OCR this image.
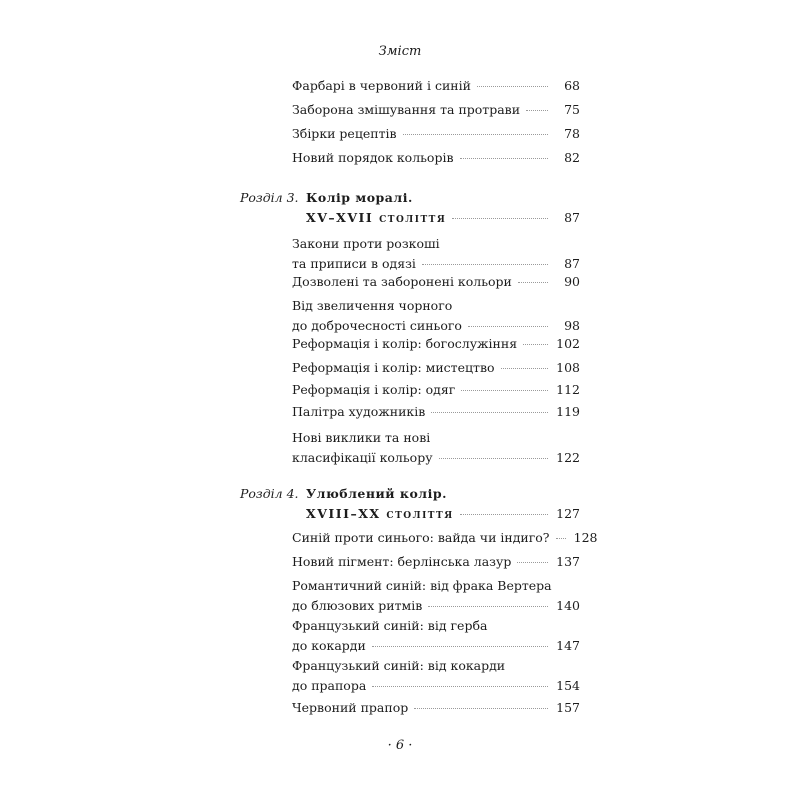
Зміст
Фарбарі в червоний і синій	68
Заборона змішування та протрави	75
Збірки рецептів	78
Новий порядок кольорів	82
Розділ 3. Колір моралі.
XV–XVII століття	87
Закони проти розкоші
та приписи в одязі	87
Дозволені та заборонені кольори	90
Від звеличення чорного
до доброчесності синього	98
Реформація і колір: богослужіння	102
Реформація і колір: мистецтво	108
Реформація і колір: одяг	112
Палітра художників	119
Нові виклики та нові
класифікації кольору	122
Розділ 4. Улюблений колір.
XVIII–XX століття	127
Синій проти синього: вайда чи індиго? 128
Новий пігмент: берлінська лазур	137
Романтичний синій: від фрака Вертера
до блюзових ритмів	140
Французький синій: від герба
до кокарди	147
Французький синій: від кокарди
до прапора	154
Червоний прапор	157
· 6 ·
